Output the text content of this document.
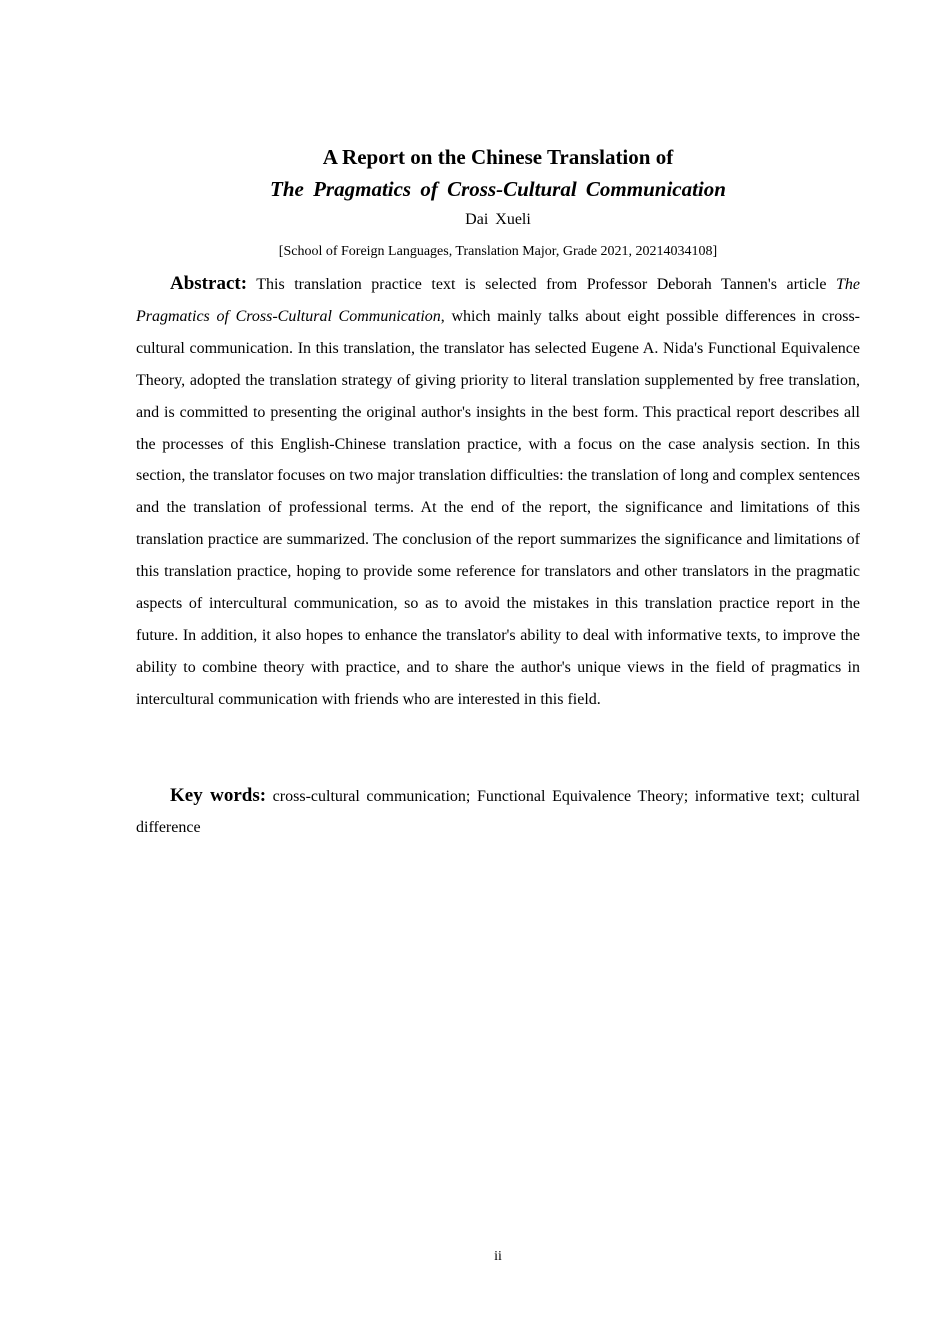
A Report on the Chinese Translation of
The Pragmatics of Cross-Cultural Communication

Dai Xueli

[School of Foreign Languages, Translation Major, Grade 2021, 20214034108]

Abstract: This translation practice text is selected from Professor Deborah Tannen's article The Pragmatics of Cross-Cultural Communication, which mainly talks about eight possible differences in cross-cultural communication. In this translation, the translator has selected Eugene A. Nida's Functional Equivalence Theory, adopted the translation strategy of giving priority to literal translation supplemented by free translation, and is committed to presenting the original author's insights in the best form. This practical report describes all the processes of this English-Chinese translation practice, with a focus on the case analysis section. In this section, the translator focuses on two major translation difficulties: the translation of long and complex sentences and the translation of professional terms. At the end of the report, the significance and limitations of this translation practice are summarized. The conclusion of the report summarizes the significance and limitations of this translation practice, hoping to provide some reference for translators and other translators in the pragmatic aspects of intercultural communication, so as to avoid the mistakes in this translation practice report in the future. In addition, it also hopes to enhance the translator's ability to deal with informative texts, to improve the ability to combine theory with practice, and to share the author's unique views in the field of pragmatics in intercultural communication with friends who are interested in this field.

Key words: cross-cultural communication; Functional Equivalence Theory; informative text; cultural difference

ii
